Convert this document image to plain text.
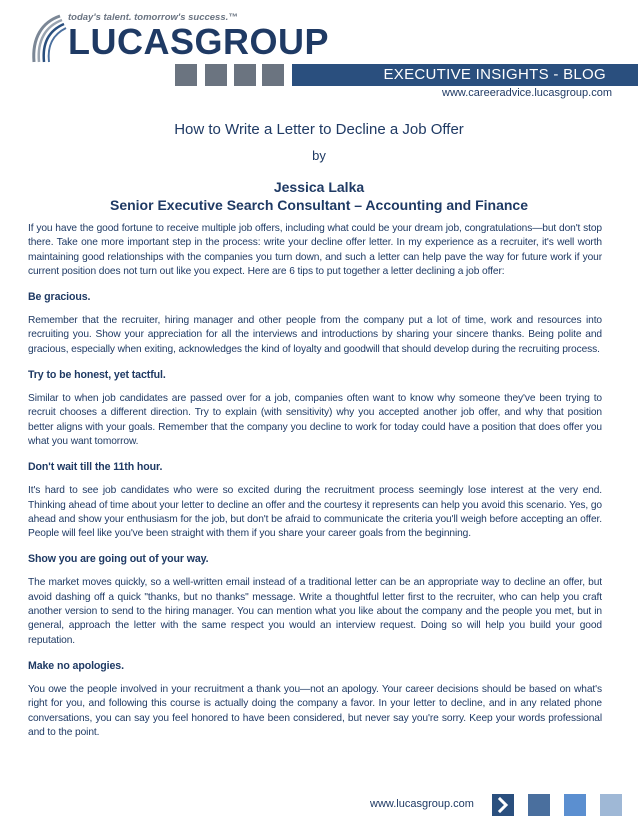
today's talent. tomorrow's success.™
LUCASGROUP
EXECUTIVE INSIGHTS - BLOG
www.careeradvice.lucasgroup.com
How to Write a Letter to Decline a Job Offer
by
Jessica Lalka
Senior Executive Search Consultant – Accounting and Finance

If you have the good fortune to receive multiple job offers, including what could be your dream job, congratulations—but don't stop there. Take one more important step in the process: write your decline offer letter. In my experience as a recruiter, it's well worth maintaining good relationships with the companies you turn down, and such a letter can help pave the way for future work if your current position does not turn out like you expect. Here are 6 tips to put together a letter declining a job offer:

Be gracious.

Remember that the recruiter, hiring manager and other people from the company put a lot of time, work and resources into recruiting you. Show your appreciation for all the interviews and introductions by sharing your sincere thanks. Being polite and gracious, especially when exiting, acknowledges the kind of loyalty and goodwill that should develop during the recruiting process.

Try to be honest, yet tactful.

Similar to when job candidates are passed over for a job, companies often want to know why someone they've been trying to recruit chooses a different direction. Try to explain (with sensitivity) why you accepted another job offer, and why that position better aligns with your goals. Remember that the company you decline to work for today could have a position that does offer you what you want tomorrow.

Don't wait till the 11th hour.

It's hard to see job candidates who were so excited during the recruitment process seemingly lose interest at the very end. Thinking ahead of time about your letter to decline an offer and the courtesy it represents can help you avoid this scenario. Yes, go ahead and show your enthusiasm for the job, but don't be afraid to communicate the criteria you'll weigh before accepting an offer. People will feel like you've been straight with them if you share your career goals from the beginning.

Show you are going out of your way.

The market moves quickly, so a well-written email instead of a traditional letter can be an appropriate way to decline an offer, but avoid dashing off a quick "thanks, but no thanks" message. Write a thoughtful letter first to the recruiter, who can help you craft another version to send to the hiring manager. You can mention what you like about the company and the people you met, but in general, approach the letter with the same respect you would an interview request. Doing so will help you build your good reputation.

Make no apologies.

You owe the people involved in your recruitment a thank you—not an apology. Your career decisions should be based on what's right for you, and following this course is actually doing the company a favor. In your letter to decline, and in any related phone conversations, you can say you feel honored to have been considered, but never say you're sorry. Keep your words professional and to the point.

www.lucasgroup.com
